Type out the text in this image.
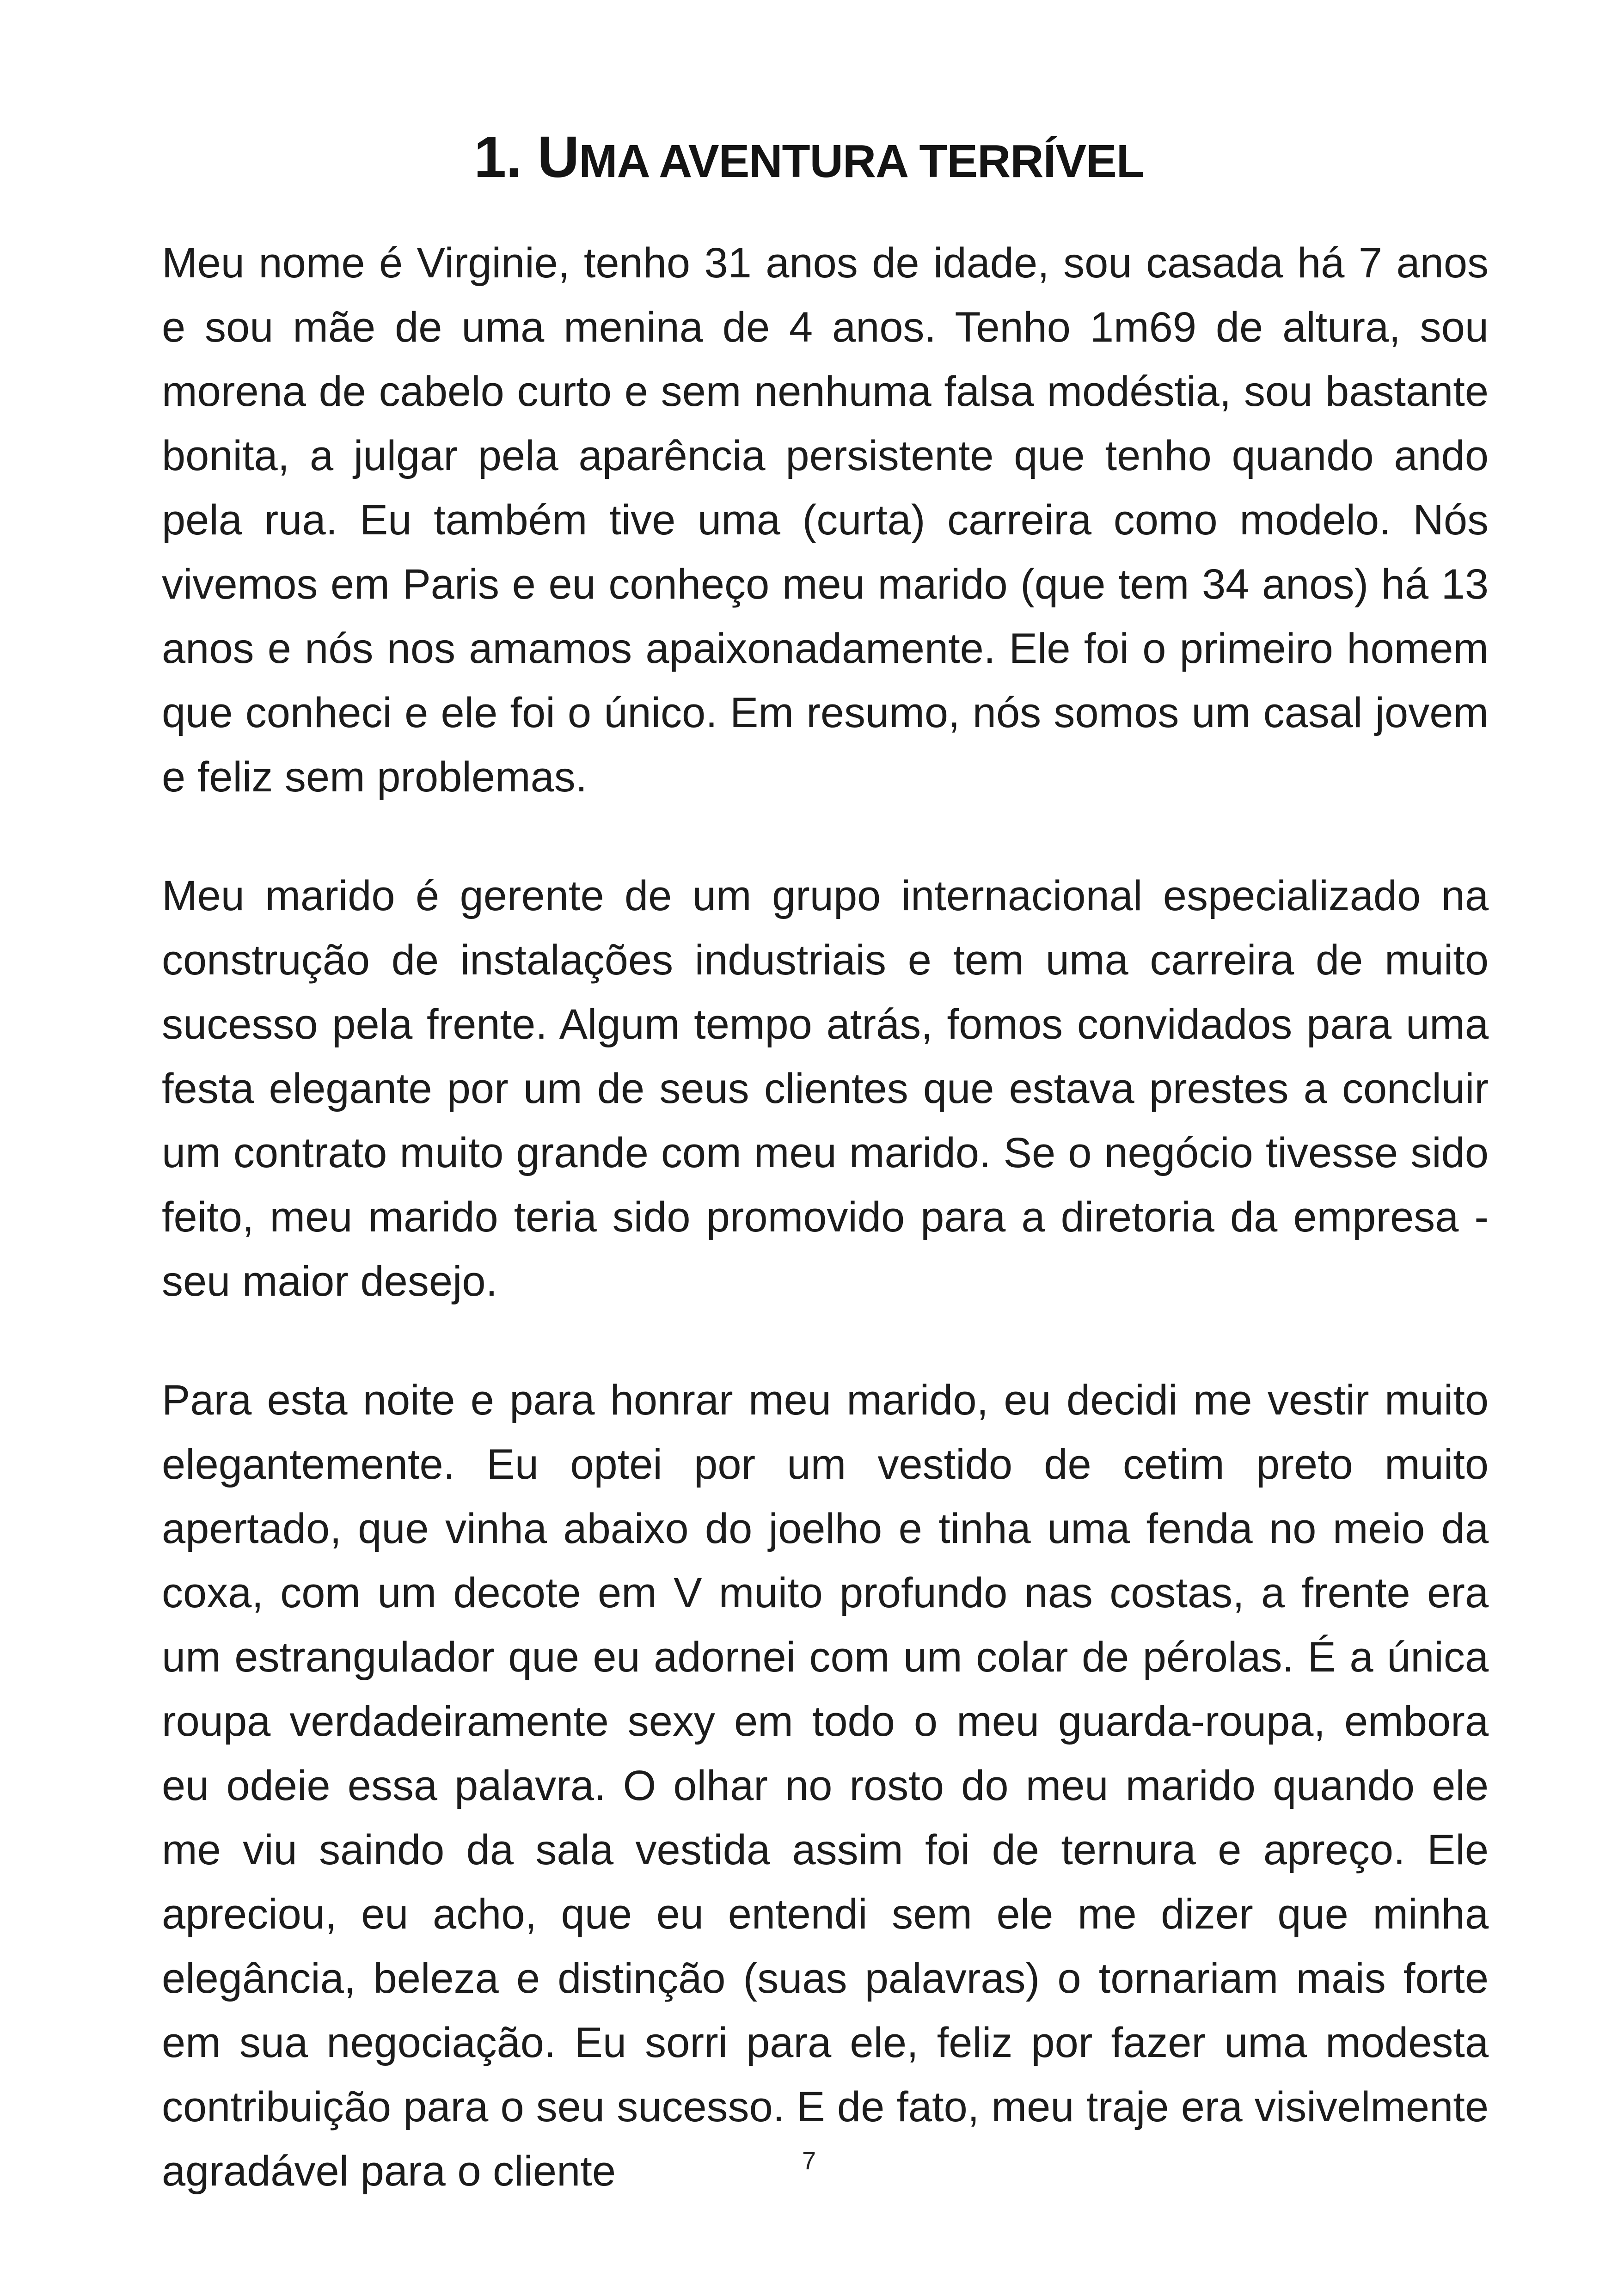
1. UMA AVENTURA TERRÍVEL

Meu nome é Virginie, tenho 31 anos de idade, sou casada há 7 anos e sou mãe de uma menina de 4 anos. Tenho 1m69 de altura, sou morena de cabelo curto e sem nenhuma falsa modéstia, sou bastante bonita, a julgar pela aparência persistente que tenho quando ando pela rua. Eu também tive uma (curta) carreira como modelo. Nós vivemos em Paris e eu conheço meu marido (que tem 34 anos) há 13 anos e nós nos amamos apaixonadamente. Ele foi o primeiro homem que conheci e ele foi o único. Em resumo, nós somos um casal jovem e feliz sem problemas.

Meu marido é gerente de um grupo internacional especializado na construção de instalações industriais e tem uma carreira de muito sucesso pela frente. Algum tempo atrás, fomos convidados para uma festa elegante por um de seus clientes que estava prestes a concluir um contrato muito grande com meu marido. Se o negócio tivesse sido feito, meu marido teria sido promovido para a diretoria da empresa - seu maior desejo.

Para esta noite e para honrar meu marido, eu decidi me vestir muito elegantemente. Eu optei por um vestido de cetim preto muito apertado, que vinha abaixo do joelho e tinha uma fenda no meio da coxa, com um decote em V muito profundo nas costas, a frente era um estrangulador que eu adornei com um colar de pérolas. É a única roupa verdadeiramente sexy em todo o meu guarda-roupa, embora eu odeie essa palavra. O olhar no rosto do meu marido quando ele me viu saindo da sala vestida assim foi de ternura e apreço. Ele apreciou, eu acho, que eu entendi sem ele me dizer que minha elegância, beleza e distinção (suas palavras) o tornariam mais forte em sua negociação. Eu sorri para ele, feliz por fazer uma modesta contribuição para o seu sucesso. E de fato, meu traje era visivelmente agradável para o cliente	7
